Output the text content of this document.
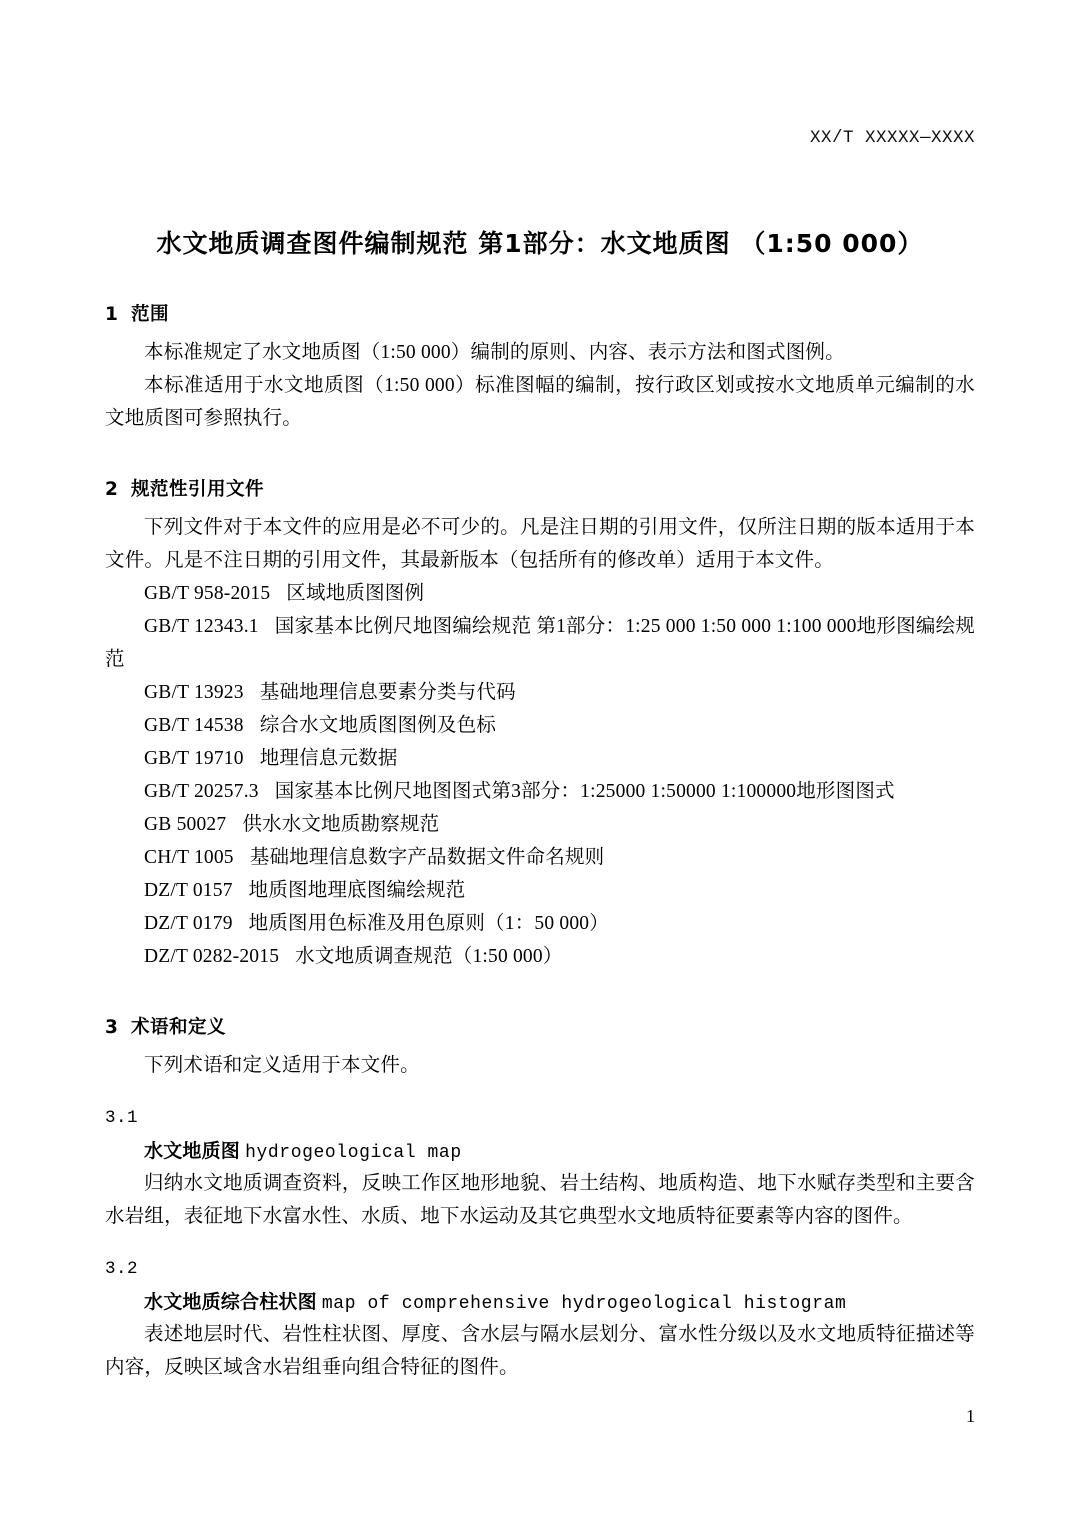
XX/T XXXXX—XXXX
水文地质调查图件编制规范 第1部分：水文地质图 （1:50 000）
1 范围

本标准规定了水文地质图（1:50 000）编制的原则、内容、表示方法和图式图例。

本标准适用于水文地质图（1:50 000）标准图幅的编制，按行政区划或按水文地质单元编制的水文地质图可参照执行。

2 规范性引用文件

下列文件对于本文件的应用是必不可少的。凡是注日期的引用文件，仅所注日期的版本适用于本文件。凡是不注日期的引用文件，其最新版本（包括所有的修改单）适用于本文件。

GB/T 958-2015 区域地质图图例

GB/T 12343.1 国家基本比例尺地图编绘规范 第1部分：1:25 000 1:50 000 1:100 000地形图编绘规范

GB/T 13923 基础地理信息要素分类与代码

GB/T 14538 综合水文地质图图例及色标

GB/T 19710 地理信息元数据

GB/T 20257.3 国家基本比例尺地图图式第3部分：1:25000 1:50000 1:100000地形图图式

GB 50027 供水水文地质勘察规范

CH/T 1005 基础地理信息数字产品数据文件命名规则

DZ/T 0157 地质图地理底图编绘规范

DZ/T 0179 地质图用色标准及用色原则（1：50 000）

DZ/T 0282-2015 水文地质调查规范（1:50 000）

3 术语和定义

下列术语和定义适用于本文件。

3.1

水文地质图 hydrogeological map

归纳水文地质调查资料，反映工作区地形地貌、岩土结构、地质构造、地下水赋存类型和主要含水岩组，表征地下水富水性、水质、地下水运动及其它典型水文地质特征要素等内容的图件。

3.2

水文地质综合柱状图 map of comprehensive hydrogeological histogram

表述地层时代、岩性柱状图、厚度、含水层与隔水层划分、富水性分级以及水文地质特征描述等内容，反映区域含水岩组垂向组合特征的图件。

1
